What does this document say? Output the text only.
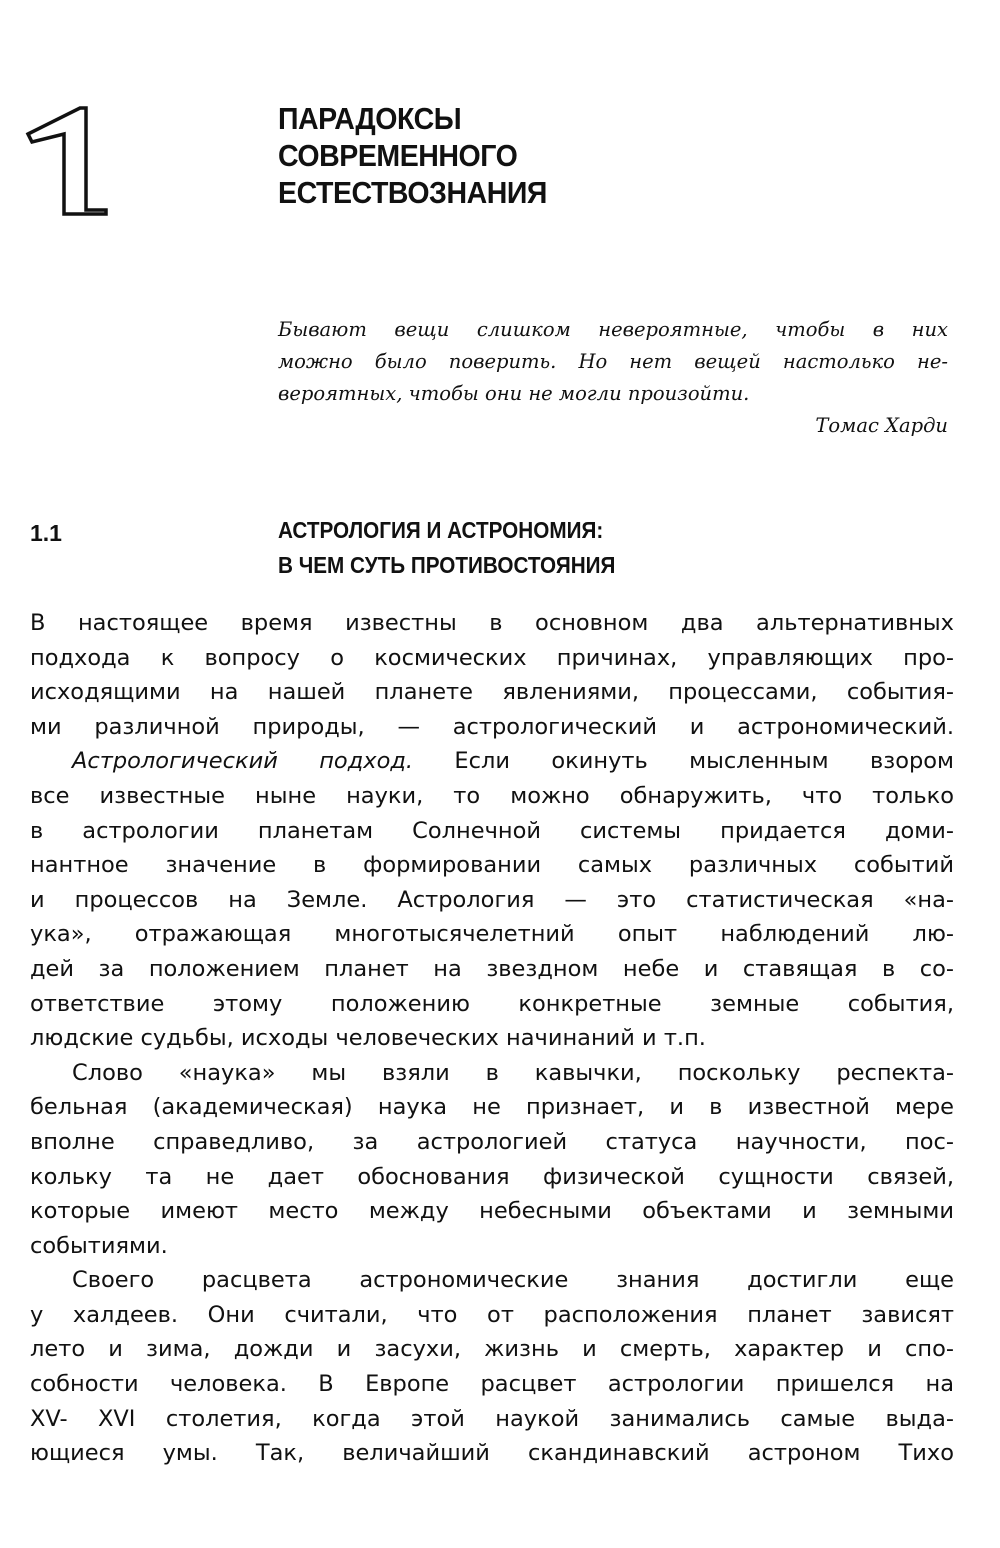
ПАРАДОКСЫ
СОВРЕМЕННОГО
ЕСТЕСТВОЗНАНИЯ
Бывают вещи слишком невероятные, чтобы в них
можно было поверить. Но нет вещей настолько не-
вероятных, чтобы они не могли произойти.
Томас Харди
1.1	АСТРОЛОГИЯ И АСТРОНОМИЯ:
В ЧЕМ СУТЬ ПРОТИВОСТОЯНИЯ
В настоящее время известны в основном два альтернативных
подхода к вопросу о космических причинах, управляющих про-
исходящими на нашей планете явлениями, процессами, события-
ми различной природы, — астрологический и астрономический.
Астрологический подход. Если окинуть мысленным взором
все известные ныне науки, то можно обнаружить, что только
в астрологии планетам Солнечной системы придается доми-
нантное значение в формировании самых различных событий
и процессов на Земле. Астрология — это статистическая «на-
ука», отражающая многотысячелетний опыт наблюдений лю-
дей за положением планет на звездном небе и ставящая в со-
ответствие этому положению конкретные земные события,
людские судьбы, исходы человеческих начинаний и т.п.
Слово «наука» мы взяли в кавычки, поскольку респекта-
бельная (академическая) наука не признает, и в известной мере
вполне справедливо, за астрологией статуса научности, пос-
кольку та не дает обоснования физической сущности связей,
которые имеют место между небесными объектами и земными
событиями.
Своего расцвета астрономические знания достигли еще
у халдеев. Они считали, что от расположения планет зависят
лето и зима, дожди и засухи, жизнь и смерть, характер и спо-
собности человека. В Европе расцвет астрологии пришелся на
XV- XVI столетия, когда этой наукой занимались самые выда-
ющиеся умы. Так, величайший скандинавский астроном Тихо
